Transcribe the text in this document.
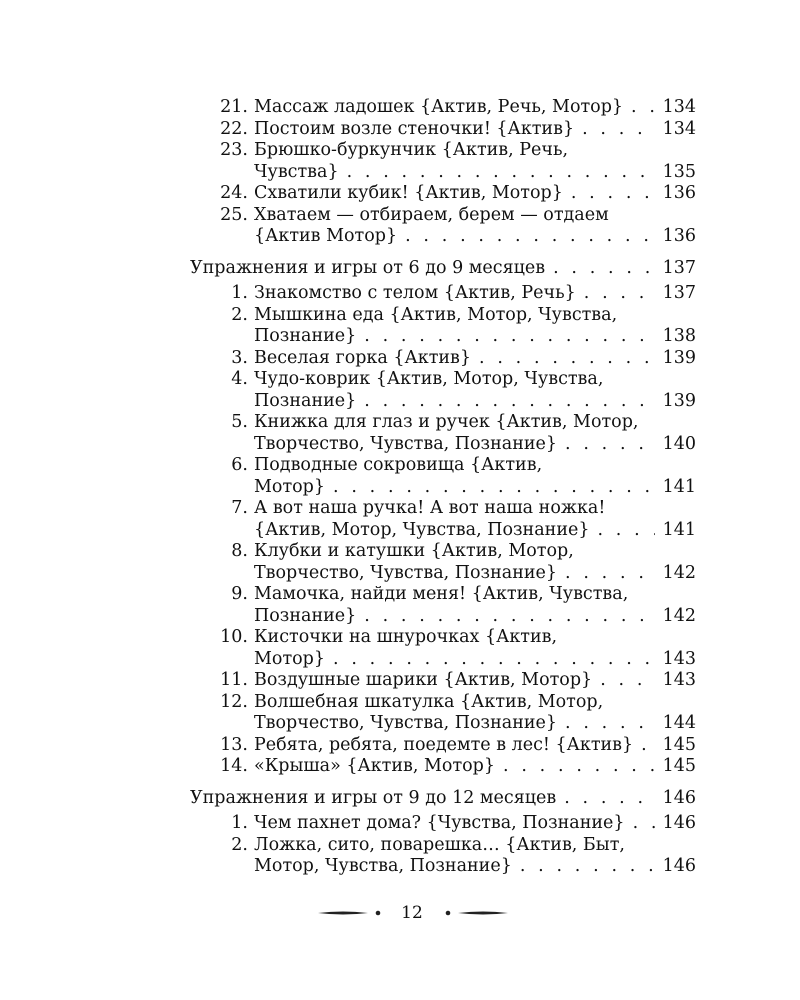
21. Массаж ладошек {Актив, Речь, Мотор} . . .	134
22. Постоим возле стеночки! {Актив} . . .	134
23. Брюшко-буркунчик {Актив, Речь,
Чувства} . . .	135
24. Схватили кубик! {Актив, Мотор} . . .	136
25. Хватаем — отбираем, берем — отдаем
{Актив Мотор} . . .	136
Упражнения и игры от 6 до 9 месяцев . . .	137
1. Знакомство с телом {Актив, Речь} . . .	137
2. Мышкина еда {Актив, Мотор, Чувства,
Познание} . . .	138
3. Веселая горка {Актив} . . .	139
4. Чудо-коврик {Актив, Мотор, Чувства,
Познание} . . .	139
5. Книжка для глаз и ручек {Актив, Мотор,
Творчество, Чувства, Познание} . . .	140
6. Подводные сокровища {Актив,
Мотор} . . .	141
7. А вот наша ручка! А вот наша ножка!
{Актив, Мотор, Чувства, Познание} . . .	141
8. Клубки и катушки {Актив, Мотор,
Творчество, Чувства, Познание} . . .	142
9. Мамочка, найди меня! {Актив, Чувства,
Познание} . . .	142
10. Кисточки на шнурочках {Актив,
Мотор} . . .	143
11. Воздушные шарики {Актив, Мотор} . . .	143
12. Волшебная шкатулка {Актив, Мотор,
Творчество, Чувства, Познание} . . .	144
13. Ребята, ребята, поедемте в лес! {Актив} . . .	145
14. «Крыша» {Актив, Мотор} . . .	145
Упражнения и игры от 9 до 12 месяцев . . .	146
1. Чем пахнет дома? {Чувства, Познание} . . .	146
2. Ложка, сито, поварешка… {Актив, Быт,
Мотор, Чувства, Познание} . . .	146
12
